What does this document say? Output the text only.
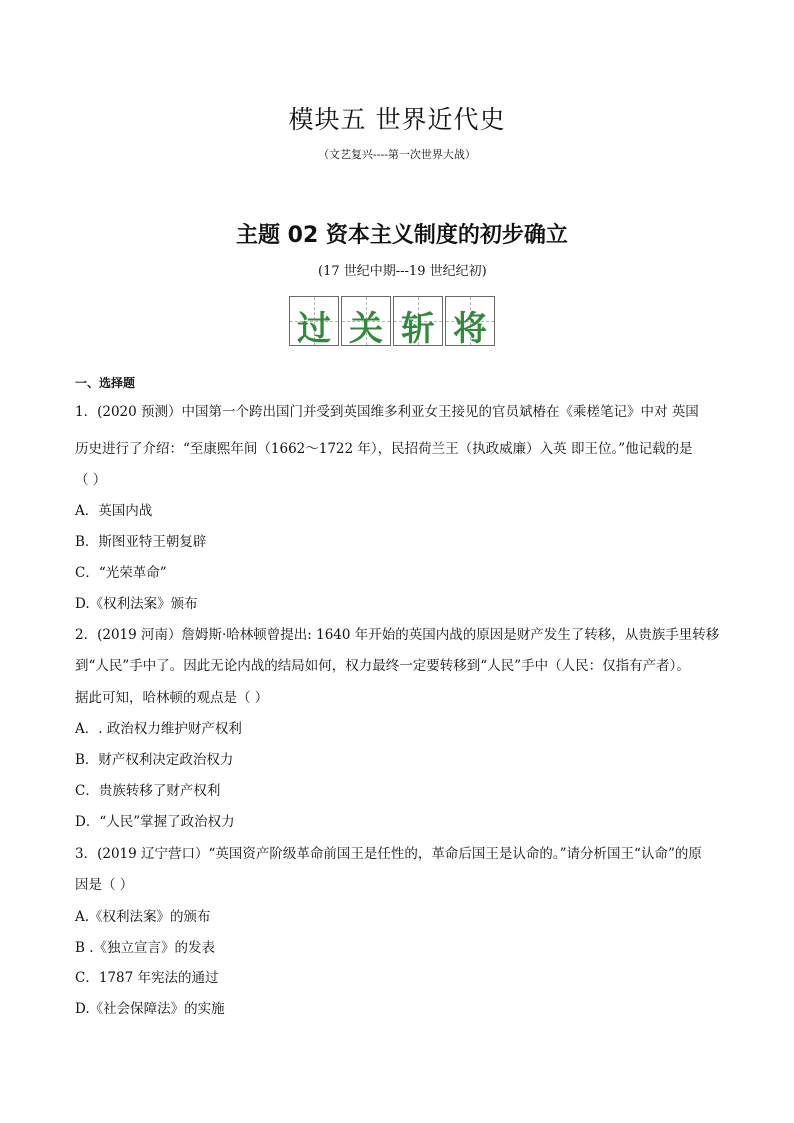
模块五 世界近代史
（文艺复兴----第一次世界大战）
主题 02 资本主义制度的初步确立
(17 世纪中期---19 世纪纪初)
过 关 斩 将
一、选择题
1．(2020 预测）中国第一个跨出国门并受到英国维多利亚女王接见的官员斌椿在《乘槎笔记》中对 英国
历史进行了介绍：“至康熙年间（1662～1722 年），民招荷兰王（执政威廉）入英 即王位。”他记载的是
（ ）
A．英国内战
B．斯图亚特王朝复辟
C．“光荣革命”
D.《权利法案》颁布
2．(2019 河南）詹姆斯·哈林顿曾提出: 1640 年开始的英国内战的原因是财产发生了转移，从贵族手里转移
到“人民”手中了。因此无论内战的结局如何，权力最终一定要转移到“人民”手中（人民：仅指有产者）。
据此可知，哈林顿的观点是（ ）
A．. 政治权力维护财产权利
B．财产权利决定政治权力
C．贵族转移了财产权利
D．“人民”掌握了政治权力
3．(2019 辽宁营口）“英国资产阶级革命前国王是任性的，革命后国王是认命的。”请分析国王“认命”的原
因是（ ）
A.《权利法案》的颁布
B .《独立宣言》的发表
C．1787 年宪法的通过
D.《社会保障法》的实施
